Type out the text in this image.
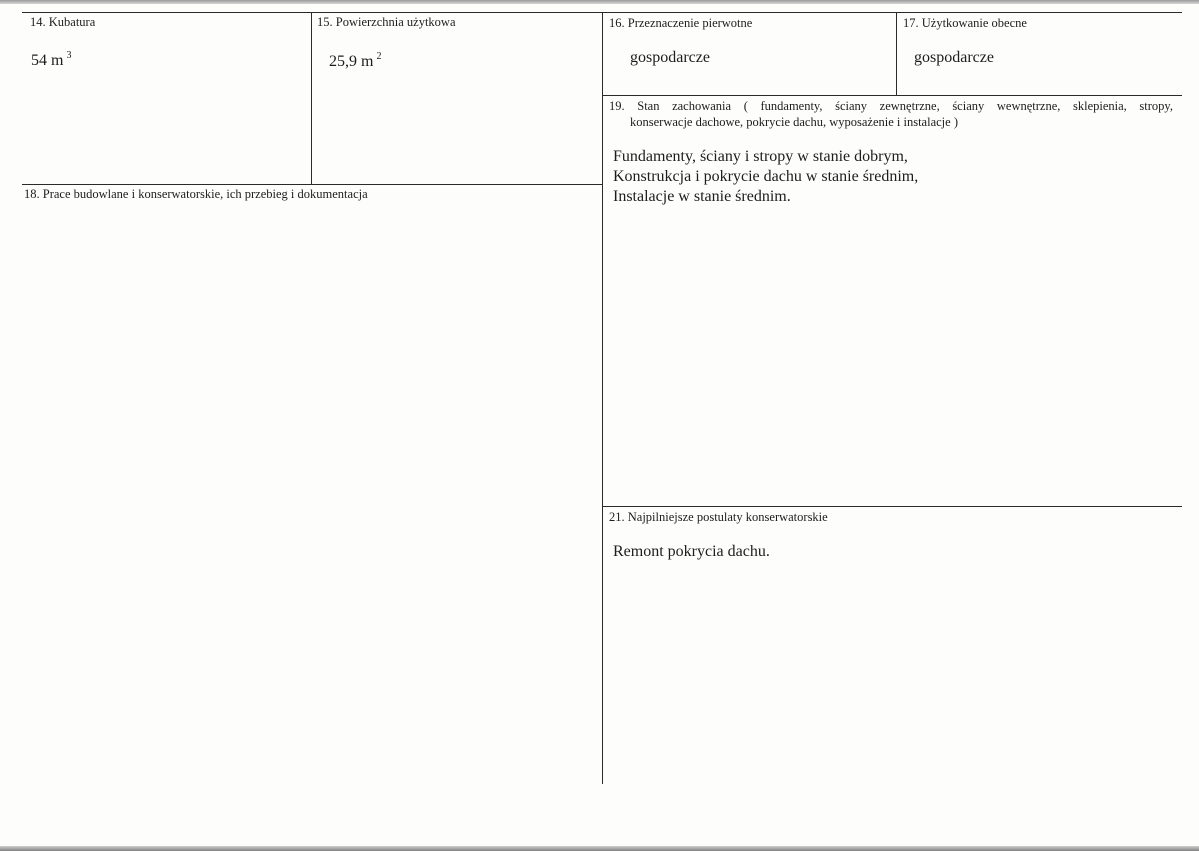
14. Kubatura
54 m $^3$
15. Powierzchnia użytkowa
25,9 m $^2$
16. Przeznaczenie pierwotne
gospodarcze
17. Użytkowanie obecne
gospodarcze
18. Prace budowlane i konserwatorskie, ich przebieg i dokumentacja
19. Stan zachowania ( fundamenty, ściany zewnętrzne, ściany wewnętrzne, sklepienia, stropy,
konserwacje dachowe, pokrycie dachu, wyposażenie i instalacje )
Fundamenty, ściany i stropy w stanie dobrym,
Konstrukcja i pokrycie dachu w stanie średnim,
Instalacje w stanie średnim.
21. Najpilniejsze postulaty konserwatorskie
Remont pokrycia dachu.
